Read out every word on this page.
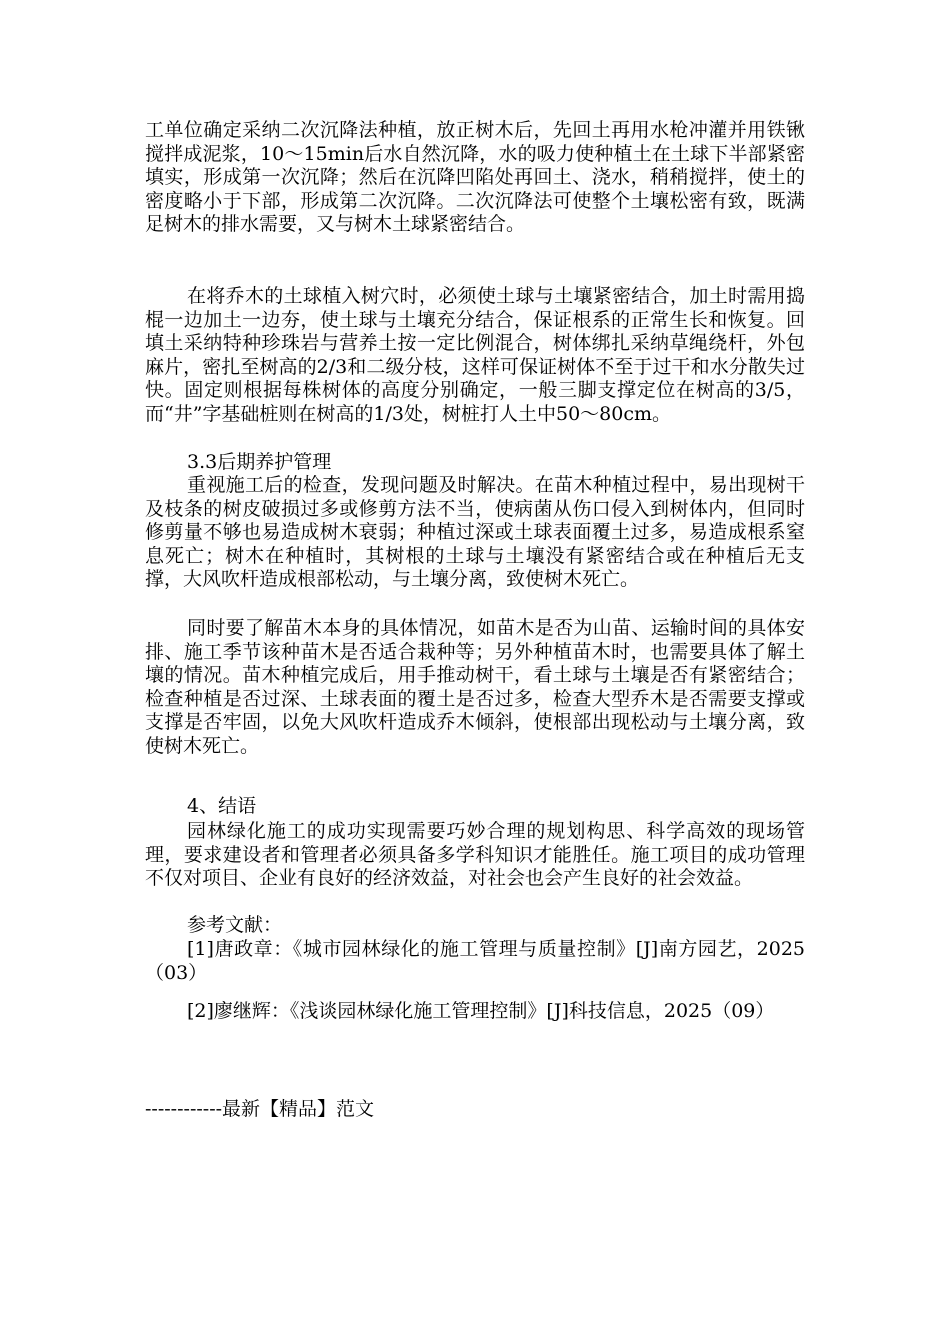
工单位确定采纳二次沉降法种植，放正树木后，先回土再用水枪冲灌并用铁锹搅拌成泥浆，10～15min后水自然沉降，水的吸力使种植土在土球下半部紧密填实，形成第一次沉降；然后在沉降凹陷处再回土、浇水，稍稍搅拌，使土的密度略小于下部，形成第二次沉降。二次沉降法可使整个土壤松密有致，既满足树木的排水需要，又与树木土球紧密结合。
在将乔木的土球植入树穴时，必须使土球与土壤紧密结合，加土时需用捣棍一边加土一边夯，使土球与土壤充分结合，保证根系的正常生长和恢复。回填土采纳特种珍珠岩与营养土按一定比例混合，树体绑扎采纳草绳绕杆，外包麻片，密扎至树高的2/3和二级分枝，这样可保证树体不至于过干和水分散失过快。固定则根据每株树体的高度分别确定，一般三脚支撑定位在树高的3/5，而“井”字基础桩则在树高的1/3处，树桩打人土中50～80cm。
3.3后期养护管理
重视施工后的检查，发现问题及时解决。在苗木种植过程中，易出现树干及枝条的树皮破损过多或修剪方法不当，使病菌从伤口侵入到树体内，但同时修剪量不够也易造成树木衰弱；种植过深或土球表面覆土过多，易造成根系窒息死亡；树木在种植时，其树根的土球与土壤没有紧密结合或在种植后无支撑，大风吹杆造成根部松动，与土壤分离，致使树木死亡。
同时要了解苗木本身的具体情况，如苗木是否为山苗、运输时间的具体安排、施工季节该种苗木是否适合栽种等；另外种植苗木时，也需要具体了解土壤的情况。苗木种植完成后，用手推动树干，看土球与土壤是否有紧密结合；检查种植是否过深、土球表面的覆土是否过多，检查大型乔木是否需要支撑或支撑是否牢固，以免大风吹杆造成乔木倾斜，使根部出现松动与土壤分离，致使树木死亡。
4、结语
园林绿化施工的成功实现需要巧妙合理的规划构思、科学高效的现场管理，要求建设者和管理者必须具备多学科知识才能胜任。施工项目的成功管理不仅对项目、企业有良好的经济效益，对社会也会产生良好的社会效益。
参考文献：
[1]唐政章：《城市园林绿化的施工管理与质量控制》[J]南方园艺，2025（03）
[2]廖继辉：《浅谈园林绿化施工管理控制》[J]科技信息，2025（09）
------------最新【精品】范文
